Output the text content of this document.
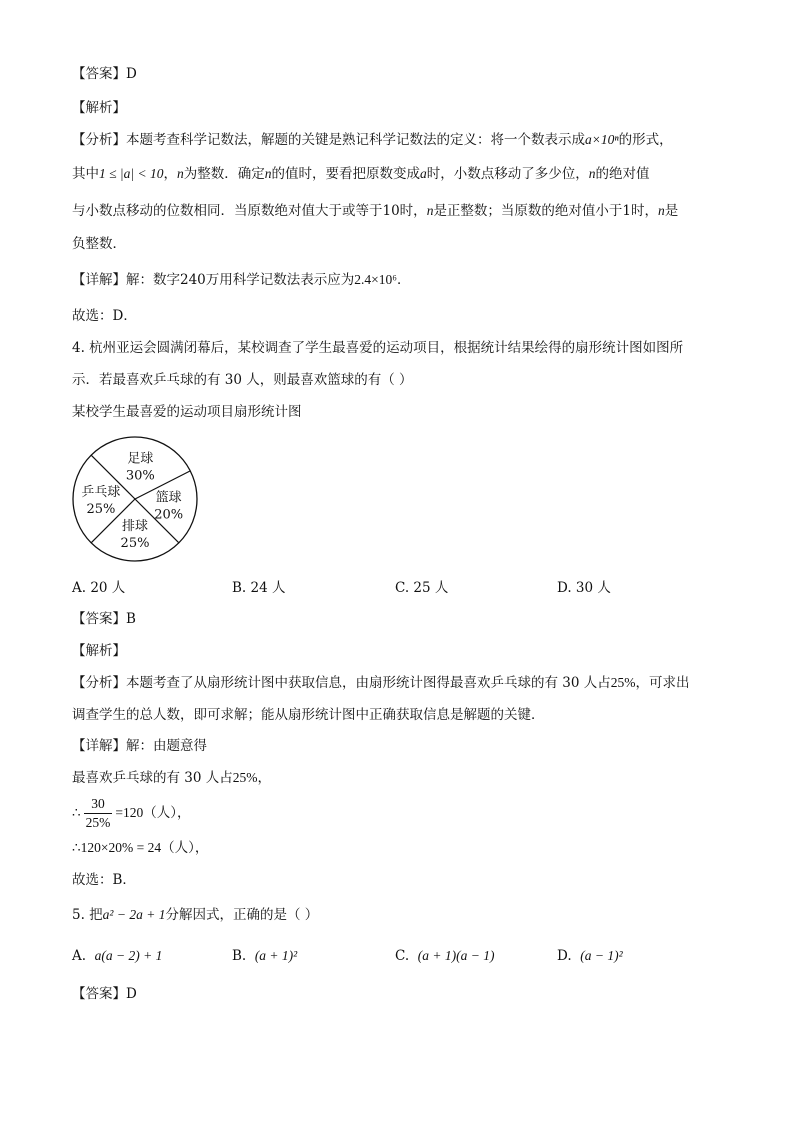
【答案】D
【解析】
【分析】本题考查科学记数法，解题的关键是熟记科学记数法的定义：将一个数表示成a×10ⁿ的形式，
其中1 ≤ |a| < 10，n为整数．确定n的值时，要看把原数变成a时，小数点移动了多少位，n的绝对值
与小数点移动的位数相同．当原数绝对值大于或等于10时，n是正整数；当原数的绝对值小于1时，n是
负整数．
【详解】解：数字240万用科学记数法表示应为2.4×10⁶．
故选：D．
4. 杭州亚运会圆满闭幕后，某校调查了学生最喜爱的运动项目，根据统计结果绘得的扇形统计图如图所
示．若最喜欢乒乓球的有 30 人，则最喜欢篮球的有（ ）
某校学生最喜爱的运动项目扇形统计图
足球
30%
篮球
20%
排球
25%
乒乓球
25%
A. 20 人	B. 24 人	C. 25 人	D. 30 人
【答案】B
【解析】
【分析】本题考查了从扇形统计图中获取信息，由扇形统计图得最喜欢乒乓球的有 30 人占25%，可求出
调查学生的总人数，即可求解；能从扇形统计图中正确获取信息是解题的关键．
【详解】解：由题意得
最喜欢乒乓球的有 30 人占25%，
∴ $\frac{30}{25\%} =120$（人），
∴120×20% = 24（人），
故选：B．
5. 把a² − 2a + 1分解因式，正确的是（ ）
A. a(a − 2) + 1	B. (a + 1)²	C. (a + 1)(a − 1)	D. (a − 1)²
【答案】D
